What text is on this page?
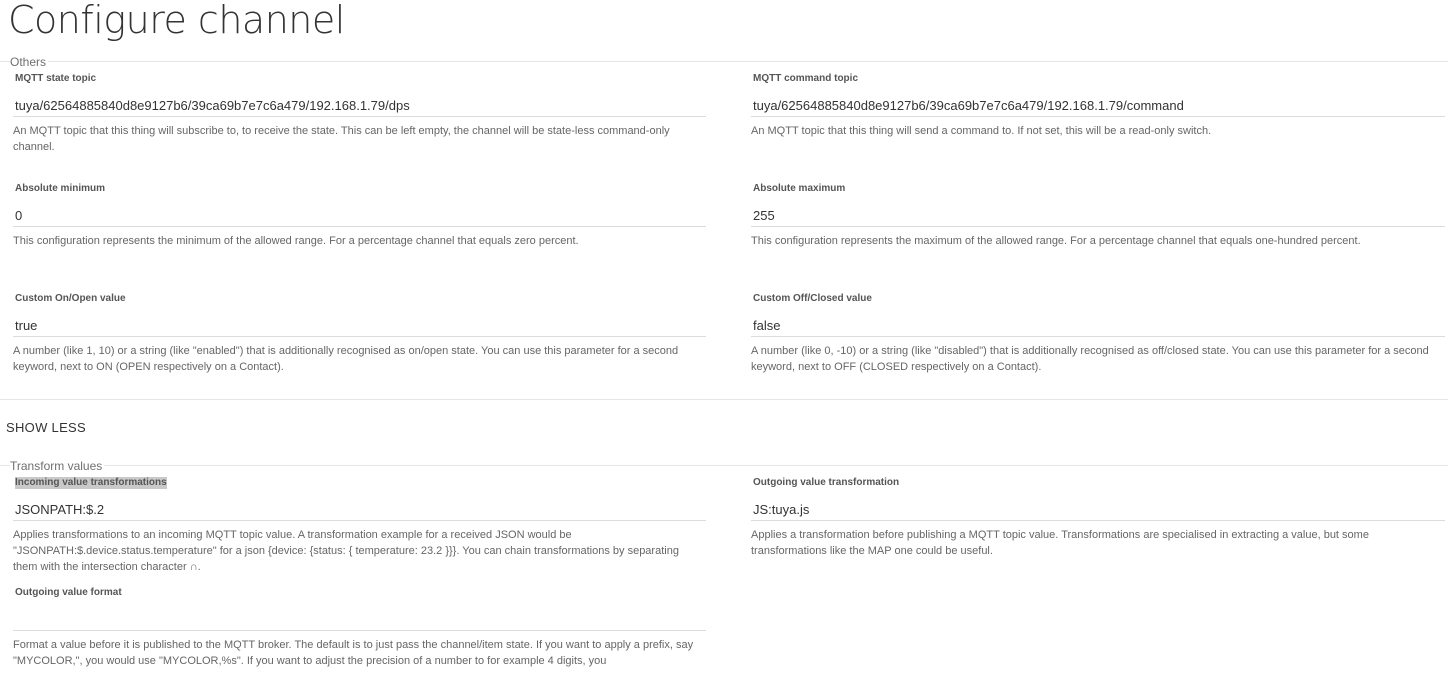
Configure channel
Others
MQTT state topic
tuya/62564885840d8e9127b6/39ca69b7e7c6a479/192.168.1.79/dps
An MQTT topic that this thing will subscribe to, to receive the state. This can be left empty, the channel will be state-less command-only channel.
MQTT command topic
tuya/62564885840d8e9127b6/39ca69b7e7c6a479/192.168.1.79/command
An MQTT topic that this thing will send a command to. If not set, this will be a read-only switch.
Absolute minimum
0
This configuration represents the minimum of the allowed range. For a percentage channel that equals zero percent.
Absolute maximum
255
This configuration represents the maximum of the allowed range. For a percentage channel that equals one-hundred percent.
Custom On/Open value
true
A number (like 1, 10) or a string (like "enabled") that is additionally recognised as on/open state. You can use this parameter for a second keyword, next to ON (OPEN respectively on a Contact).
Custom Off/Closed value
false
A number (like 0, -10) or a string (like "disabled") that is additionally recognised as off/closed state. You can use this parameter for a second keyword, next to OFF (CLOSED respectively on a Contact).
SHOW LESS
Transform values
Incoming value transformations
JSONPATH:$.2
Applies transformations to an incoming MQTT topic value. A transformation example for a received JSON would be "JSONPATH:$.device.status.temperature" for a json {device: {status: { temperature: 23.2 }}}. You can chain transformations by separating them with the intersection character ∩.
Outgoing value transformation
JS:tuya.js
Applies a transformation before publishing a MQTT topic value. Transformations are specialised in extracting a value, but some transformations like the MAP one could be useful.
Outgoing value format
Format a value before it is published to the MQTT broker. The default is to just pass the channel/item state. If you want to apply a prefix, say "MYCOLOR,", you would use "MYCOLOR,%s". If you want to adjust the precision of a number to for example 4 digits, you
